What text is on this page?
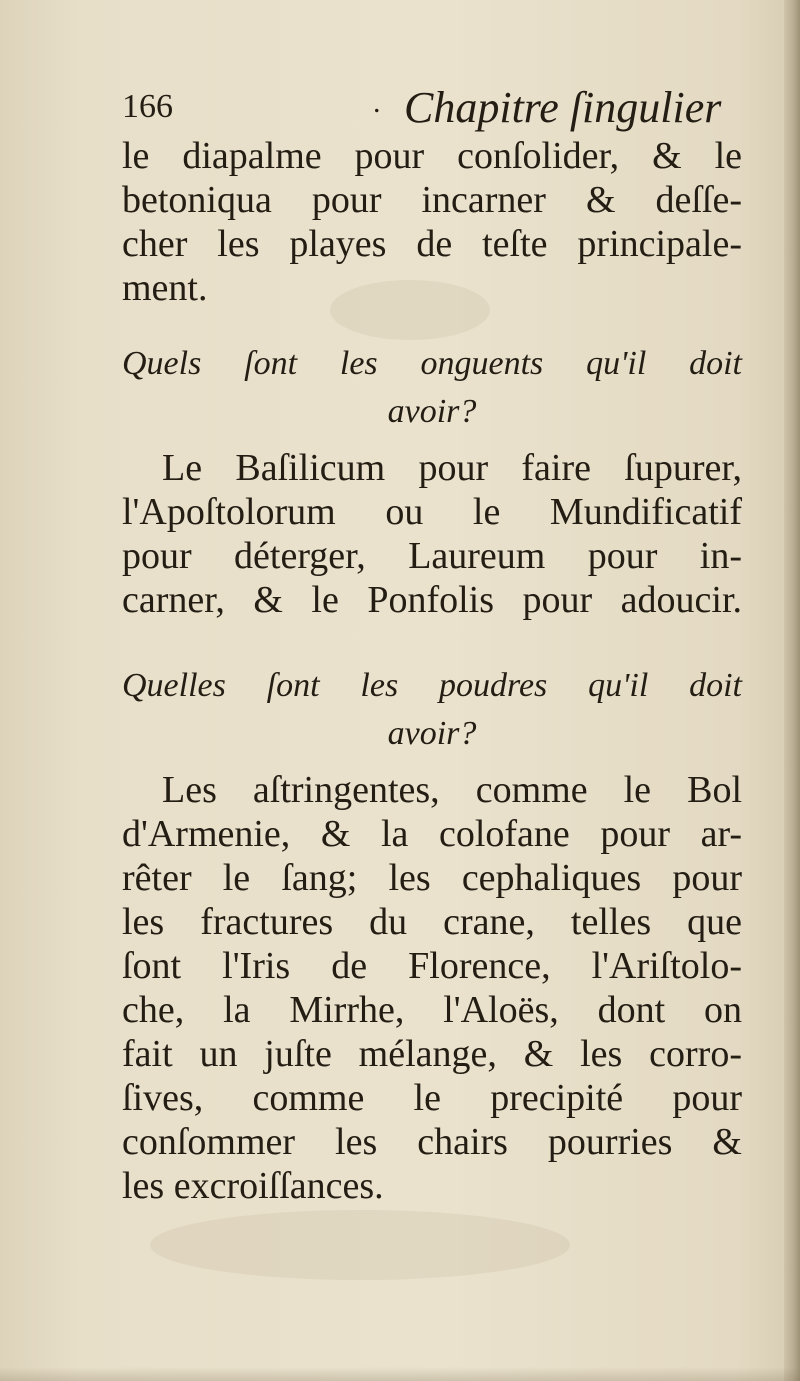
166	. Chapitre ſingulier
le diapalme pour conſolider, & le
betoniqua pour incarner & deſſe-
cher les playes de teſte principale-
ment.
Quels ſont les onguents qu'il doit
avoir?
Le Baſilicum pour faire ſupurer,
l'Apoſtolorum ou le Mundificatif
pour déterger, Laureum pour in-
carner, & le Ponfolis pour adoucir.
Quelles ſont les poudres qu'il doit
avoir?
Les aſtringentes, comme le Bol
d'Armenie, & la colofane pour ar-
rêter le ſang; les cephaliques pour
les fractures du crane, telles que
ſont l'Iris de Florence, l'Ariſtolo-
che, la Mirrhe, l'Aloës, dont on
fait un juſte mélange, & les corro-
ſives, comme le precipité pour
conſommer les chairs pourries &
les excroiſſances.
